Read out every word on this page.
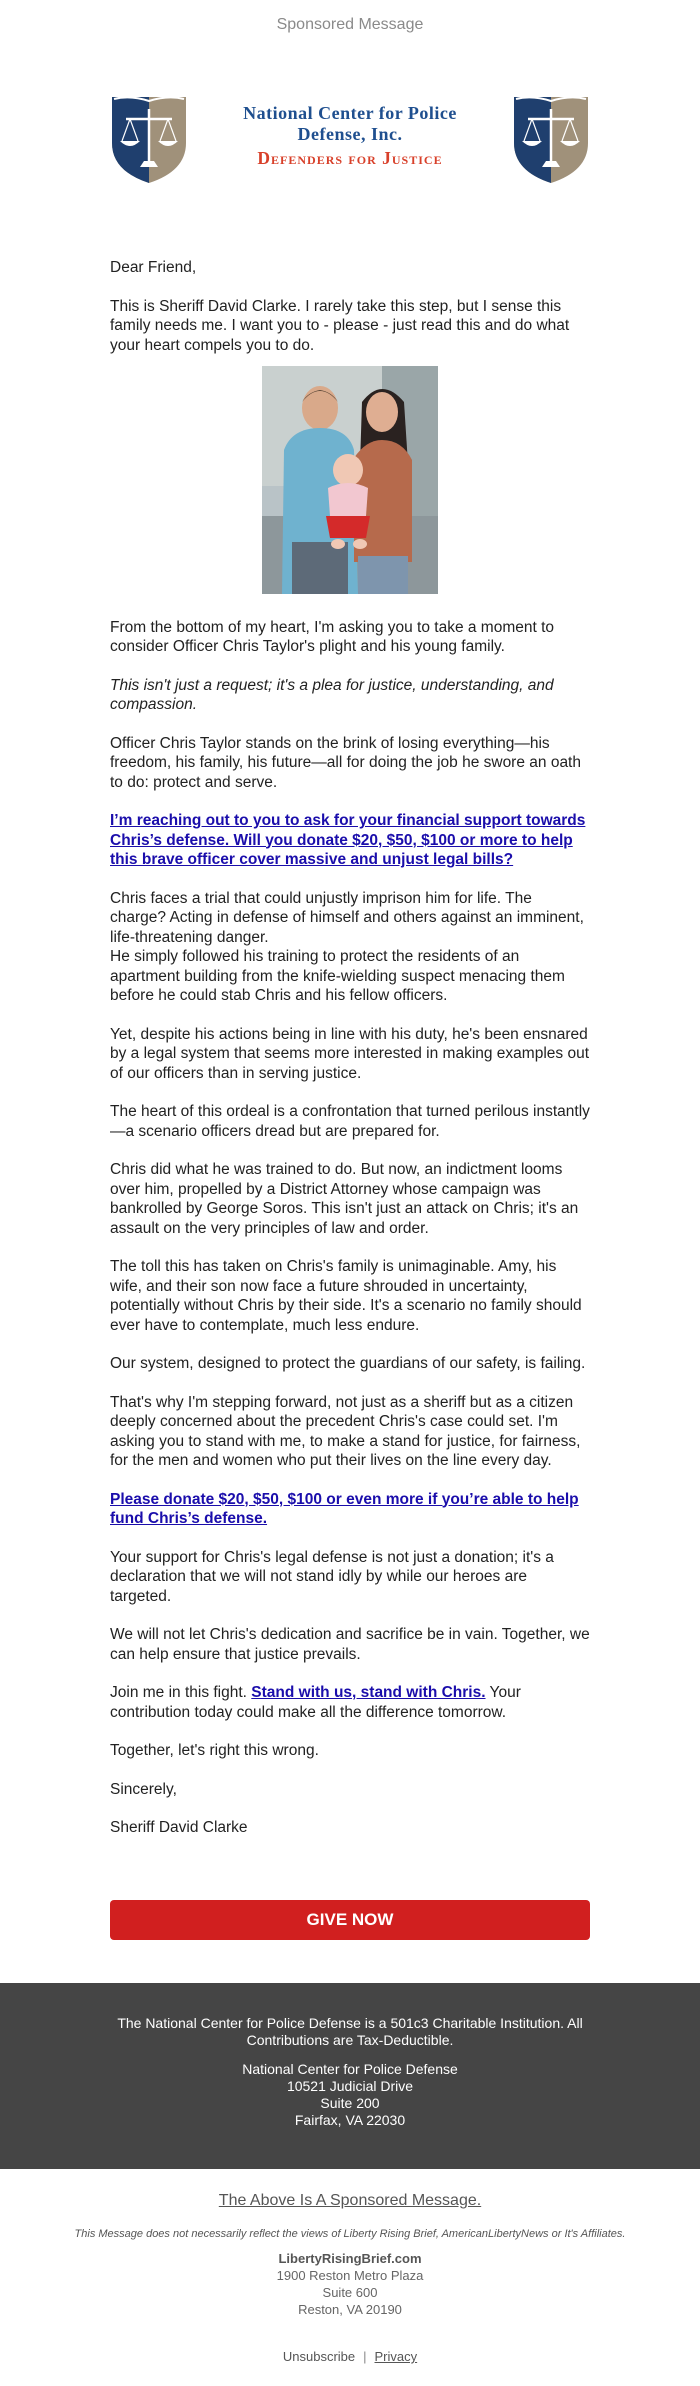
Sponsored Message
National Center for Police
Defense, Inc.
Defenders for Justice

Dear Friend,

This is Sheriff David Clarke. I rarely take this step, but I sense this family needs me. I want you to - please - just read this and do what your heart compels you to do.

From the bottom of my heart, I'm asking you to take a moment to consider Officer Chris Taylor's plight and his young family.

This isn't just a request; it's a plea for justice, understanding, and compassion.

Officer Chris Taylor stands on the brink of losing everything—his freedom, his family, his future—all for doing the job he swore an oath to do: protect and serve.

I’m reaching out to you to ask for your financial support towards Chris’s defense. Will you donate $20, $50, $100 or more to help this brave officer cover massive and unjust legal bills?

Chris faces a trial that could unjustly imprison him for life. The charge? Acting in defense of himself and others against an imminent, life-threatening danger.

He simply followed his training to protect the residents of an apartment building from the knife-wielding suspect menacing them before he could stab Chris and his fellow officers.

Yet, despite his actions being in line with his duty, he's been ensnared by a legal system that seems more interested in making examples out of our officers than in serving justice.

The heart of this ordeal is a confrontation that turned perilous instantly—a scenario officers dread but are prepared for.

Chris did what he was trained to do. But now, an indictment looms over him, propelled by a District Attorney whose campaign was bankrolled by George Soros. This isn't just an attack on Chris; it's an assault on the very principles of law and order.

The toll this has taken on Chris's family is unimaginable. Amy, his wife, and their son now face a future shrouded in uncertainty, potentially without Chris by their side. It's a scenario no family should ever have to contemplate, much less endure.

Our system, designed to protect the guardians of our safety, is failing.

That's why I'm stepping forward, not just as a sheriff but as a citizen deeply concerned about the precedent Chris's case could set. I'm asking you to stand with me, to make a stand for justice, for fairness, for the men and women who put their lives on the line every day.

Please donate $20, $50, $100 or even more if you’re able to help fund Chris’s defense.

Your support for Chris's legal defense is not just a donation; it's a declaration that we will not stand idly by while our heroes are targeted.

We will not let Chris's dedication and sacrifice be in vain. Together, we can help ensure that justice prevails.

Join me in this fight. Stand with us, stand with Chris. Your contribution today could make all the difference tomorrow.

Together, let's right this wrong.

Sincerely,

Sheriff David Clarke

GIVE NOW
The National Center for Police Defense is a 501c3 Charitable Institution. All Contributions are Tax-Deductible.
National Center for Police Defense
10521 Judicial Drive
Suite 200
Fairfax, VA 22030
The Above Is A Sponsored Message.
This Message does not necessarily reflect the views of Liberty Rising Brief, AmericanLibertyNews or It's Affiliates.
LibertyRisingBrief.com
1900 Reston Metro Plaza
Suite 600
Reston, VA 20190
Unsubscribe | Privacy
